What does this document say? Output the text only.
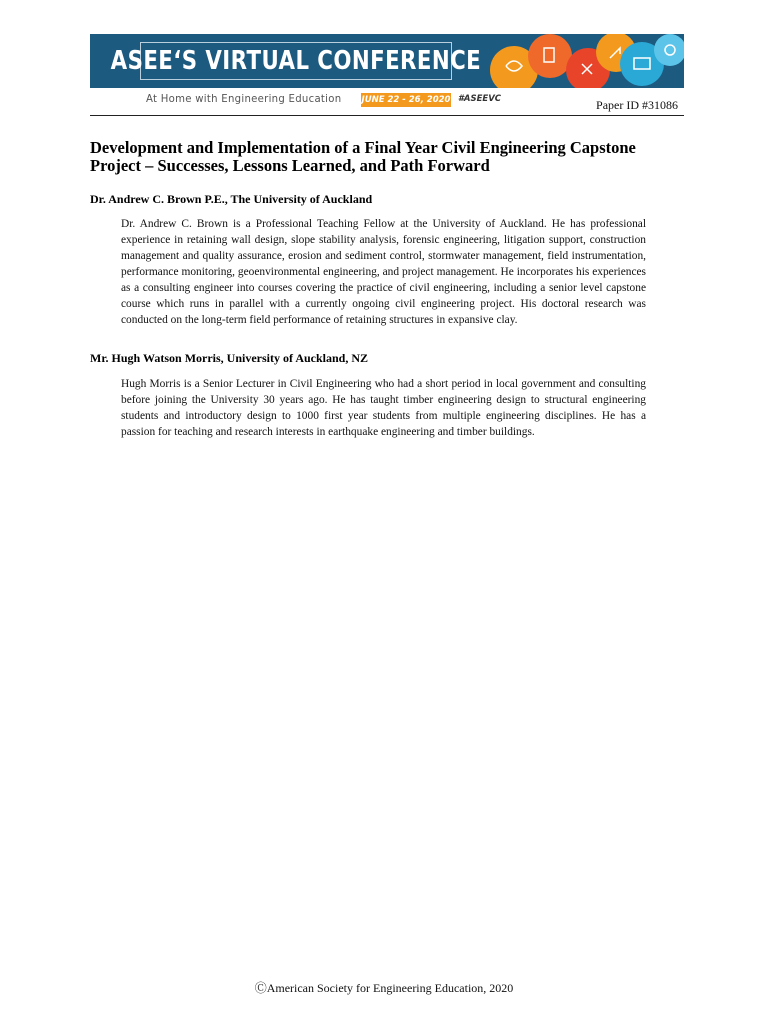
ASEE‘S VIRTUAL CONFERENCE
At Home with Engineering Education JUNE 22 - 26, 2020 #ASEEVC	Paper ID #31086
Development and Implementation of a Final Year Civil Engineering Capstone Project – Successes, Lessons Learned, and Path Forward

Dr. Andrew C. Brown P.E., The University of Auckland

Dr. Andrew C. Brown is a Professional Teaching Fellow at the University of Auckland. He has professional experience in retaining wall design, slope stability analysis, forensic engineering, litigation support, construction management and quality assurance, erosion and sediment control, stormwater management, field instrumentation, performance monitoring, geoenvironmental engineering, and project management. He incorporates his experiences as a consulting engineer into courses covering the practice of civil engineering, including a senior level capstone course which runs in parallel with a currently ongoing civil engineering project. His doctoral research was conducted on the long-term field performance of retaining structures in expansive clay.

Mr. Hugh Watson Morris, University of Auckland, NZ

Hugh Morris is a Senior Lecturer in Civil Engineering who had a short period in local government and consulting before joining the University 30 years ago. He has taught timber engineering design to structural engineering students and introductory design to 1000 first year students from multiple engineering disciplines. He has a passion for teaching and research interests in earthquake engineering and timber buildings.

ⒸAmerican Society for Engineering Education, 2020
